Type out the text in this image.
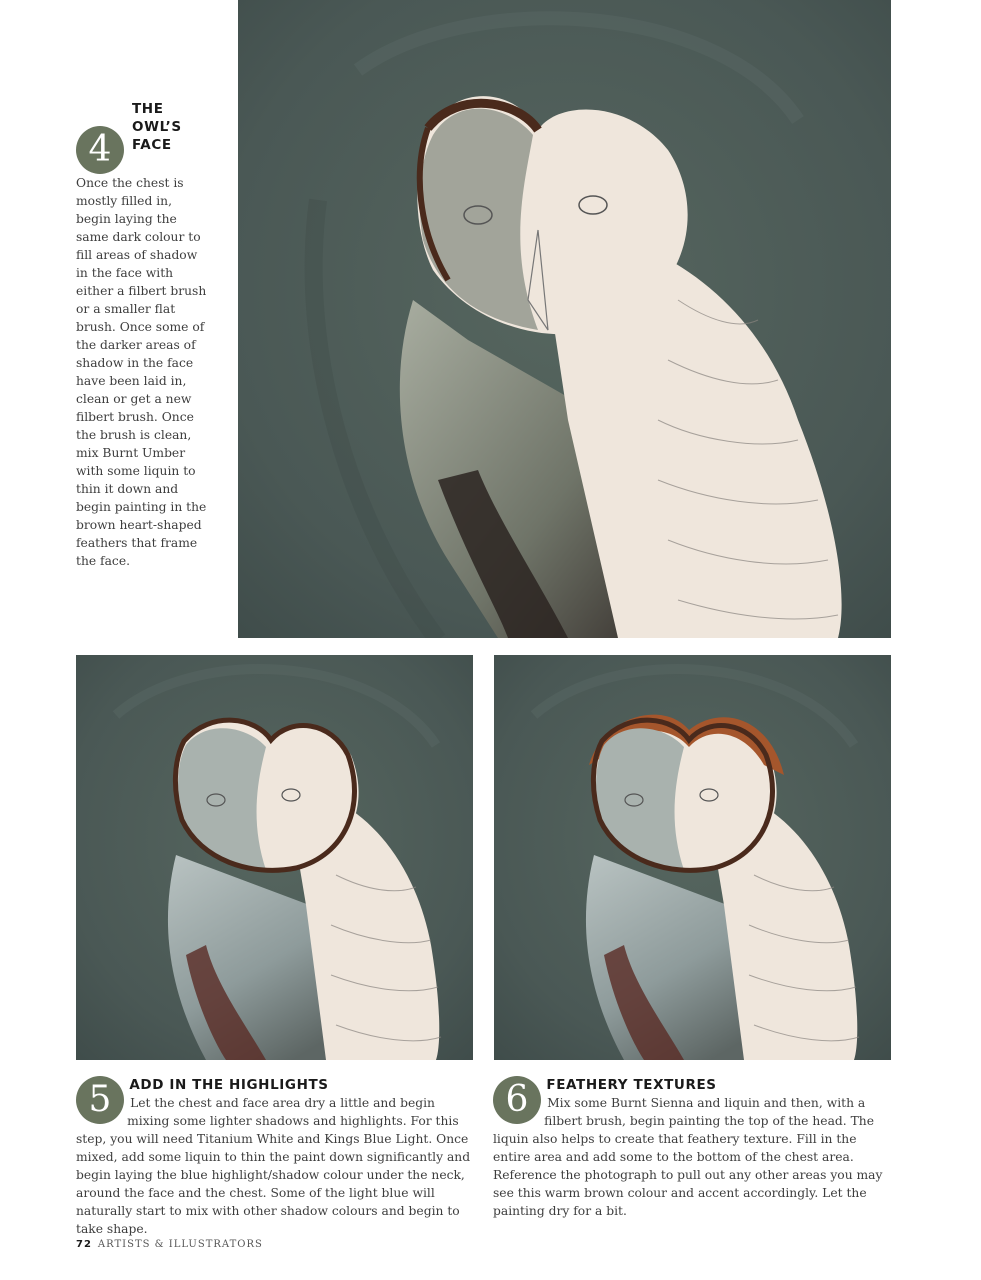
4
THE OWL’S FACE
Once the chest is mostly filled in, begin laying the same dark colour to fill areas of shadow in the face with either a filbert brush or a smaller flat brush. Once some of the darker areas of shadow in the face have been laid in, clean or get a new filbert brush. Once the brush is clean, mix Burnt Umber with some liquin to thin it down and begin painting in the brown heart-shaped feathers that frame the face.
5	ADD IN THE HIGHLIGHTS
Let the chest and face area dry a little and begin mixing some lighter shadows and highlights. For this step, you will need Titanium White and Kings Blue Light. Once mixed, add some liquin to thin the paint down significantly and begin laying the blue highlight/shadow colour under the neck, around the face and the chest. Some of the light blue will naturally start to mix with other shadow colours and begin to take shape.
6	FEATHERY TEXTURES
Mix some Burnt Sienna and liquin and then, with a filbert brush, begin painting the top of the head. The liquin also helps to create that feathery texture. Fill in the entire area and add some to the bottom of the chest area. Reference the photograph to pull out any other areas you may see this warm brown colour and accent accordingly. Let the painting dry for a bit.
72 ARTISTS & ILLUSTRATORS
